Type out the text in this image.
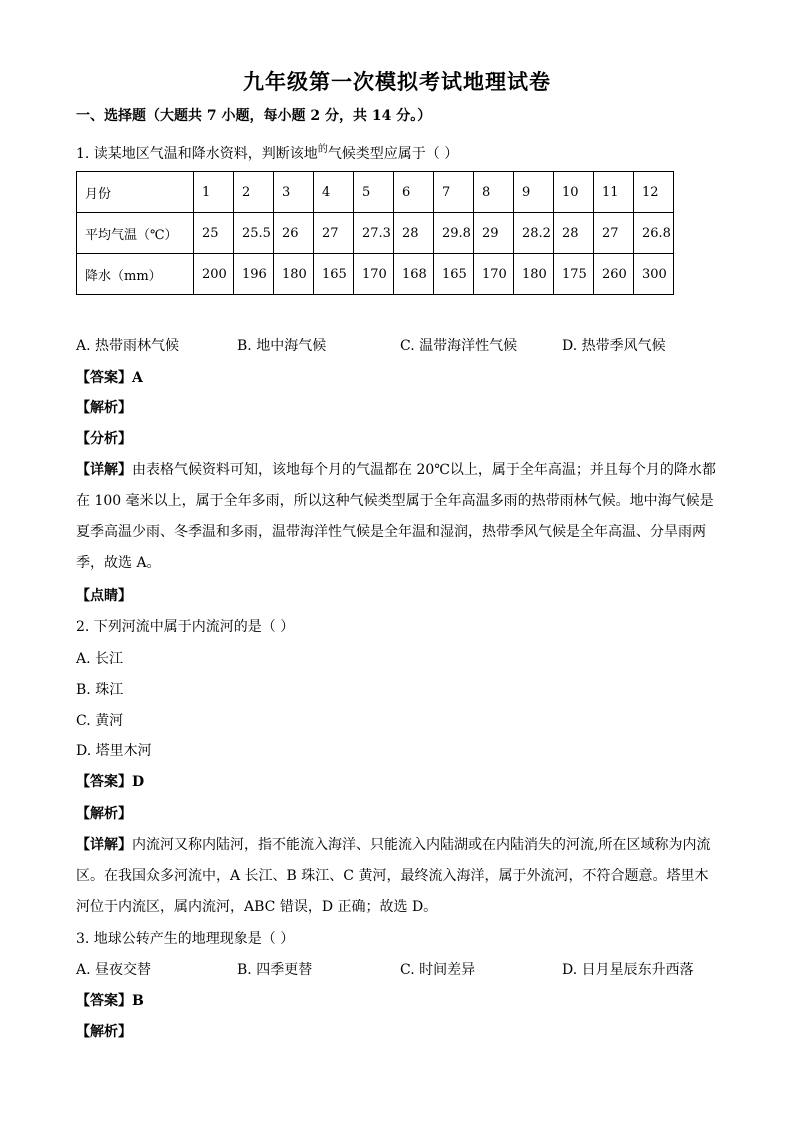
九年级第一次模拟考试地理试卷
一、选择题（大题共 7 小题，每小题 2 分，共 14 分。）
1. 读某地区气温和降水资料，判断该地$^的$气候类型应属于（ ）
月份	1	2	3	4	5	6	7	8	9	10	11	12
平均气温（℃）	25	25.5	26	27	27.3	28	29.8	29	28.2	28	27	26.8
降水（mm）	200	196	180	165	170	168	165	170	180	175	260	300
A. 热带雨林气候	B. 地中海气候	C. 温带海洋性气候	D. 热带季风气候
【答案】A
【解析】
【分析】
【详解】由表格气候资料可知，该地每个月的气温都在 20℃以上，属于全年高温；并且每个月的降水都在 100 毫米以上，属于全年多雨，所以这种气候类型属于全年高温多雨的热带雨林气候。地中海气候是夏季高温少雨、冬季温和多雨，温带海洋性气候是全年温和湿润，热带季风气候是全年高温、分旱雨两季，故选 A。
【点睛】
2. 下列河流中属于内流河的是（ ）
A. 长江
B. 珠江
C. 黄河
D. 塔里木河
【答案】D
【解析】
【详解】内流河又称内陆河，指不能流入海洋、只能流入内陆湖或在内陆消失的河流,所在区域称为内流区。在我国众多河流中，A 长江、B 珠江、C 黄河，最终流入海洋，属于外流河，不符合题意。塔里木河位于内流区，属内流河，ABC 错误，D 正确；故选 D。
3. 地球公转产生的地理现象是（ ）
A. 昼夜交替	B. 四季更替	C. 时间差异	D. 日月星辰东升西落
【答案】B
【解析】
